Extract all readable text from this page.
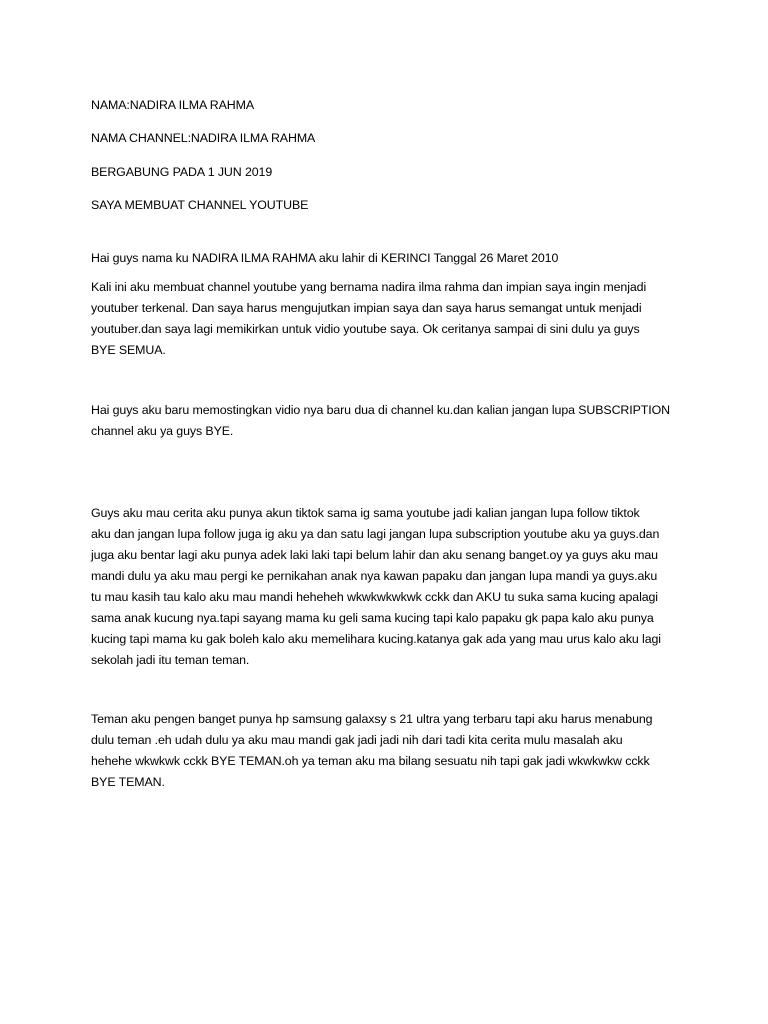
NAMA:NADIRA ILMA RAHMA
NAMA CHANNEL:NADIRA ILMA RAHMA
BERGABUNG PADA 1 JUN 2019
SAYA MEMBUAT CHANNEL YOUTUBE
Hai guys nama ku NADIRA ILMA RAHMA aku lahir di KERINCI Tanggal 26 Maret 2010
Kali ini aku membuat channel youtube yang bernama nadira ilma rahma dan impian saya ingin menjadi
youtuber terkenal. Dan saya harus mengujutkan impian saya dan saya harus semangat untuk menjadi
youtuber.dan saya lagi memikirkan untuk vidio youtube saya. Ok ceritanya sampai di sini dulu ya guys
BYE SEMUA.
Hai guys aku baru memostingkan vidio nya baru dua di channel ku.dan kalian jangan lupa SUBSCRIPTION
channel aku ya guys BYE.
Guys aku mau cerita aku punya akun tiktok sama ig sama youtube jadi kalian jangan lupa follow tiktok
aku dan jangan lupa follow juga ig aku ya dan satu lagi jangan lupa subscription youtube aku ya guys.dan
juga aku bentar lagi aku punya adek laki laki tapi belum lahir dan aku senang banget.oy ya guys aku mau
mandi dulu ya aku mau pergi ke pernikahan anak nya kawan papaku dan jangan lupa mandi ya guys.aku
tu mau kasih tau kalo aku mau mandi heheheh wkwkwkwkwk cckk dan AKU tu suka sama kucing apalagi
sama anak kucung nya.tapi sayang mama ku geli sama kucing tapi kalo papaku gk papa kalo aku punya
kucing tapi mama ku gak boleh kalo aku memelihara kucing.katanya gak ada yang mau urus kalo aku lagi
sekolah jadi itu teman teman.
Teman aku pengen banget punya hp samsung galaxsy s 21 ultra yang terbaru tapi aku harus menabung
dulu teman .eh udah dulu ya aku mau mandi gak jadi jadi nih dari tadi kita cerita mulu masalah aku
hehehe wkwkwk cckk BYE TEMAN.oh ya teman aku ma bilang sesuatu nih tapi gak jadi wkwkwkw cckk
BYE TEMAN.
